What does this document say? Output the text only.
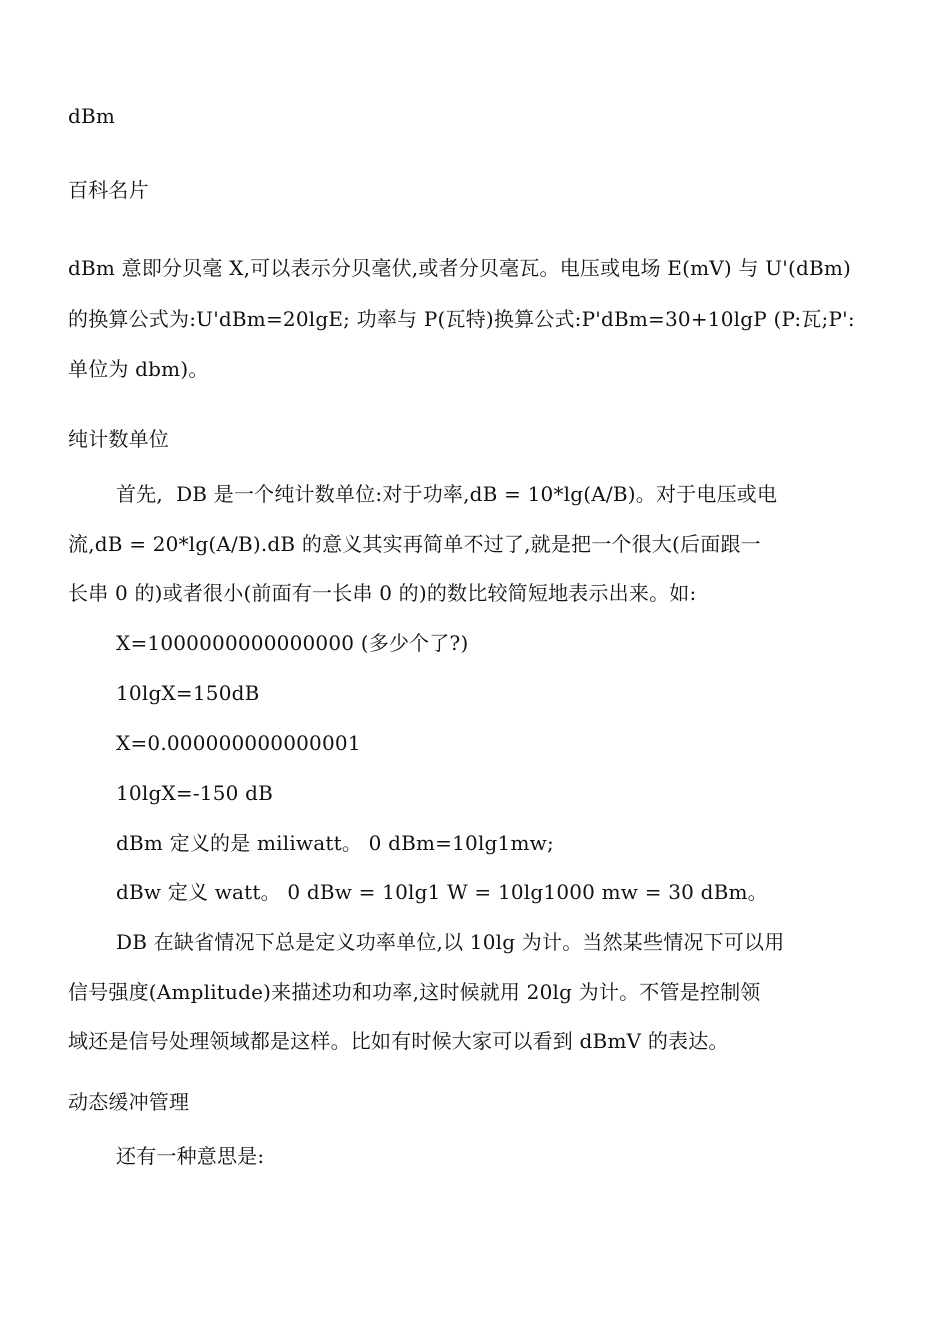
dBm
百科名片
dBm 意即分贝毫 X,可以表示分贝毫伏,或者分贝毫瓦。电压或电场 E(mV) 与 U'(dBm)
的换算公式为:U'dBm=20lgE; 功率与 P(瓦特)换算公式:P'dBm=30+10lgP (P:瓦;P':
单位为 dbm)。
纯计数单位
首先,  DB 是一个纯计数单位:对于功率,dB = 10*lg(A/B)。对于电压或电
流,dB = 20*lg(A/B).dB 的意义其实再简单不过了,就是把一个很大(后面跟一
长串 0 的)或者很小(前面有一长串 0 的)的数比较简短地表示出来。如:
X=1000000000000000 (多少个了?)
10lgX=150dB
X=0.000000000000001
10lgX=-150 dB
dBm 定义的是 miliwatt。 0 dBm=10lg1mw;
dBw 定义 watt。 0 dBw = 10lg1 W = 10lg1000 mw = 30 dBm。
DB 在缺省情况下总是定义功率单位,以 10lg 为计。当然某些情况下可以用
信号强度(Amplitude)来描述功和功率,这时候就用 20lg 为计。不管是控制领
域还是信号处理领域都是这样。比如有时候大家可以看到 dBmV 的表达。
动态缓冲管理
还有一种意思是:
